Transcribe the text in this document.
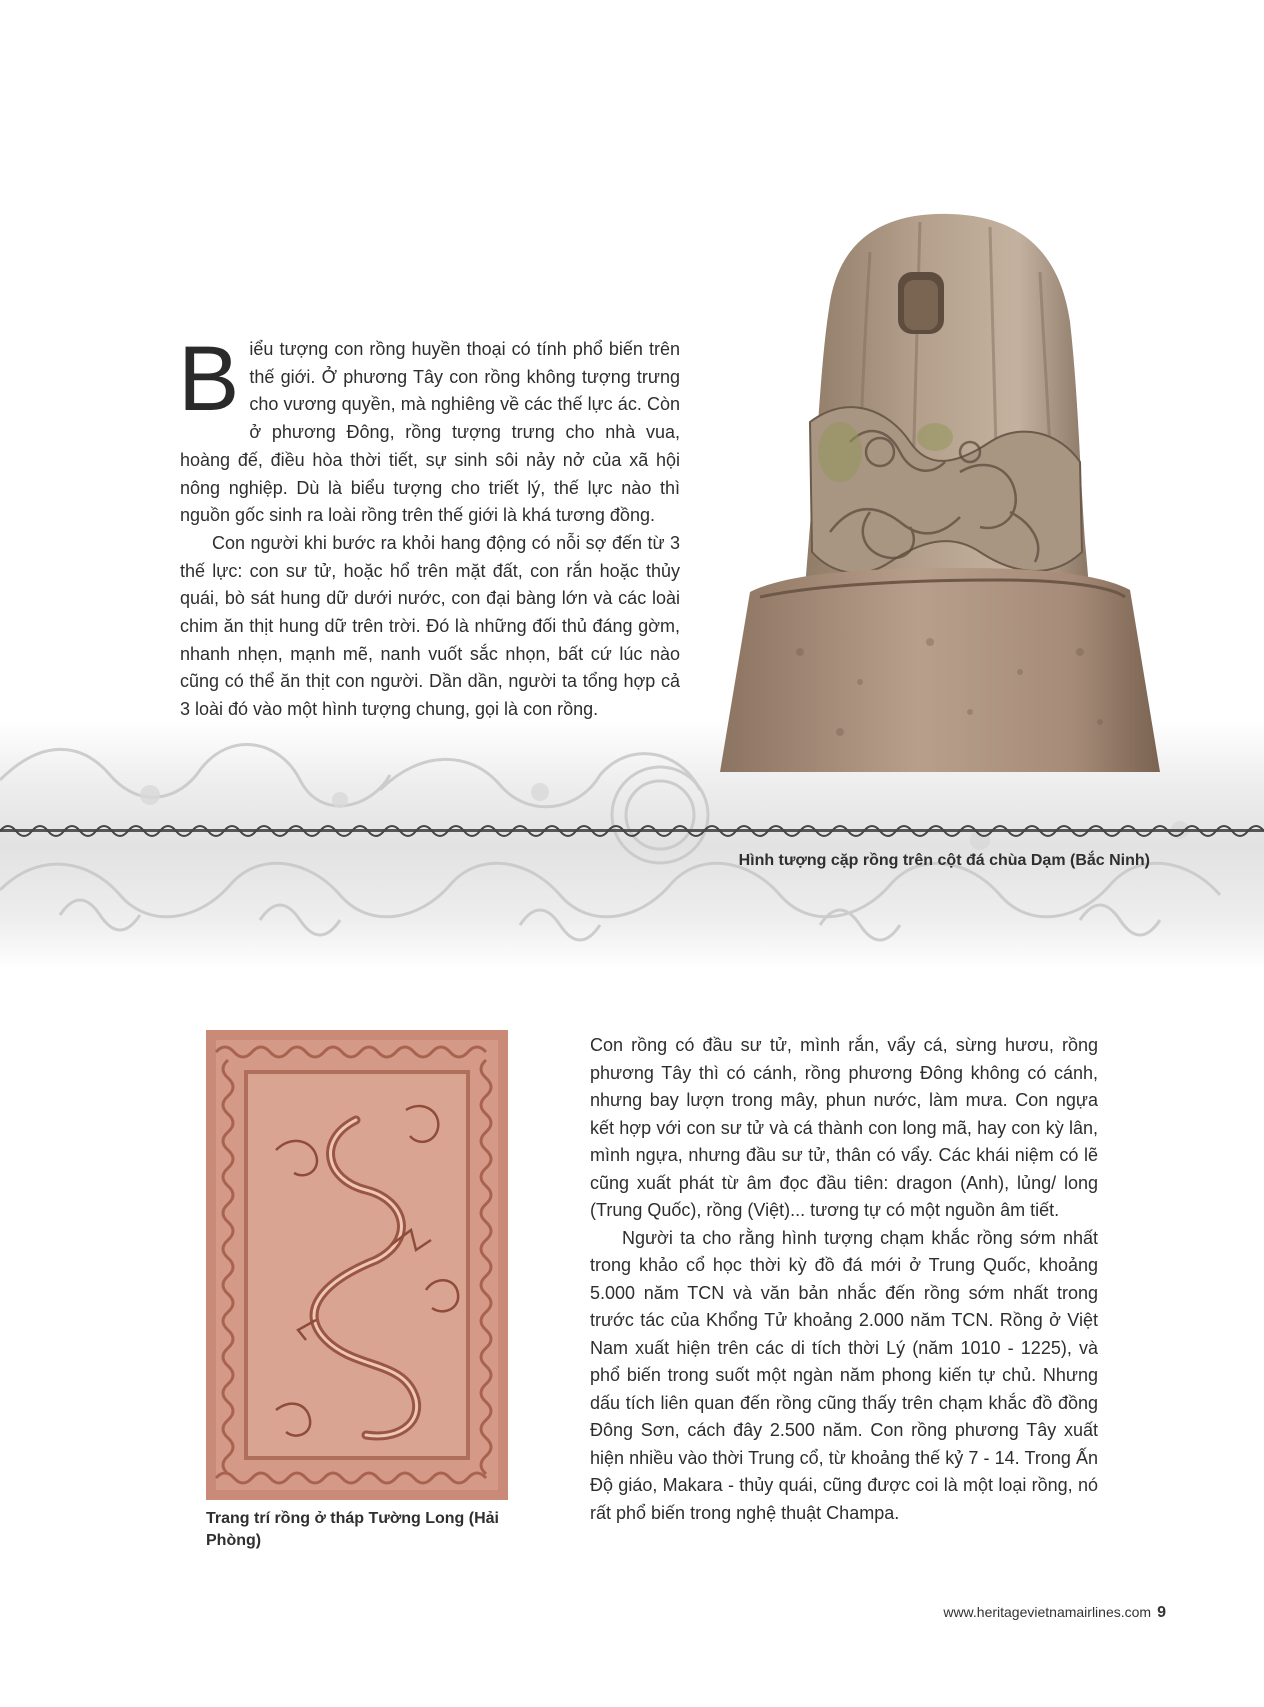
Hình tượng cặp rồng trên cột đá chùa Dạm (Bắc Ninh)

Biểu tượng con rồng huyền thoại có tính phổ biến trên thế giới. Ở phương Tây con rồng không tượng trưng cho vương quyền, mà nghiêng về các thế lực ác. Còn ở phương Đông, rồng tượng trưng cho nhà vua, hoàng đế, điều hòa thời tiết, sự sinh sôi nảy nở của xã hội nông nghiệp. Dù là biểu tượng cho triết lý, thế lực nào thì nguồn gốc sinh ra loài rồng trên thế giới là khá tương đồng.

Con người khi bước ra khỏi hang động có nỗi sợ đến từ 3 thế lực: con sư tử, hoặc hổ trên mặt đất, con rắn hoặc thủy quái, bò sát hung dữ dưới nước, con đại bàng lớn và các loài chim ăn thịt hung dữ trên trời. Đó là những đối thủ đáng gờm, nhanh nhẹn, mạnh mẽ, nanh vuốt sắc nhọn, bất cứ lúc nào cũng có thể ăn thịt con người. Dần dần, người ta tổng hợp cả 3 loài đó vào một hình tượng chung, gọi là con rồng.

Trang trí rồng ở tháp Tường Long (Hải Phòng)

Con rồng có đầu sư tử, mình rắn, vẩy cá, sừng hươu, rồng phương Tây thì có cánh, rồng phương Đông không có cánh, nhưng bay lượn trong mây, phun nước, làm mưa. Con ngựa kết hợp với con sư tử và cá thành con long mã, hay con kỳ lân, mình ngựa, nhưng đầu sư tử, thân có vẩy. Các khái niệm có lẽ cũng xuất phát từ âm đọc đầu tiên: dragon (Anh), lủng/ long (Trung Quốc), rồng (Việt)... tương tự có một nguồn âm tiết.

Người ta cho rằng hình tượng chạm khắc rồng sớm nhất trong khảo cổ học thời kỳ đồ đá mới ở Trung Quốc, khoảng 5.000 năm TCN và văn bản nhắc đến rồng sớm nhất trong trước tác của Khổng Tử khoảng 2.000 năm TCN. Rồng ở Việt Nam xuất hiện trên các di tích thời Lý (năm 1010 - 1225), và phổ biến trong suốt một ngàn năm phong kiến tự chủ. Nhưng dấu tích liên quan đến rồng cũng thấy trên chạm khắc đồ đồng Đông Sơn, cách đây 2.500 năm. Con rồng phương Tây xuất hiện nhiều vào thời Trung cổ, từ khoảng thế kỷ 7 - 14. Trong Ấn Độ giáo, Makara - thủy quái, cũng được coi là một loại rồng, nó rất phổ biến trong nghệ thuật Champa.

www.heritagevietnamairlines.com 9
